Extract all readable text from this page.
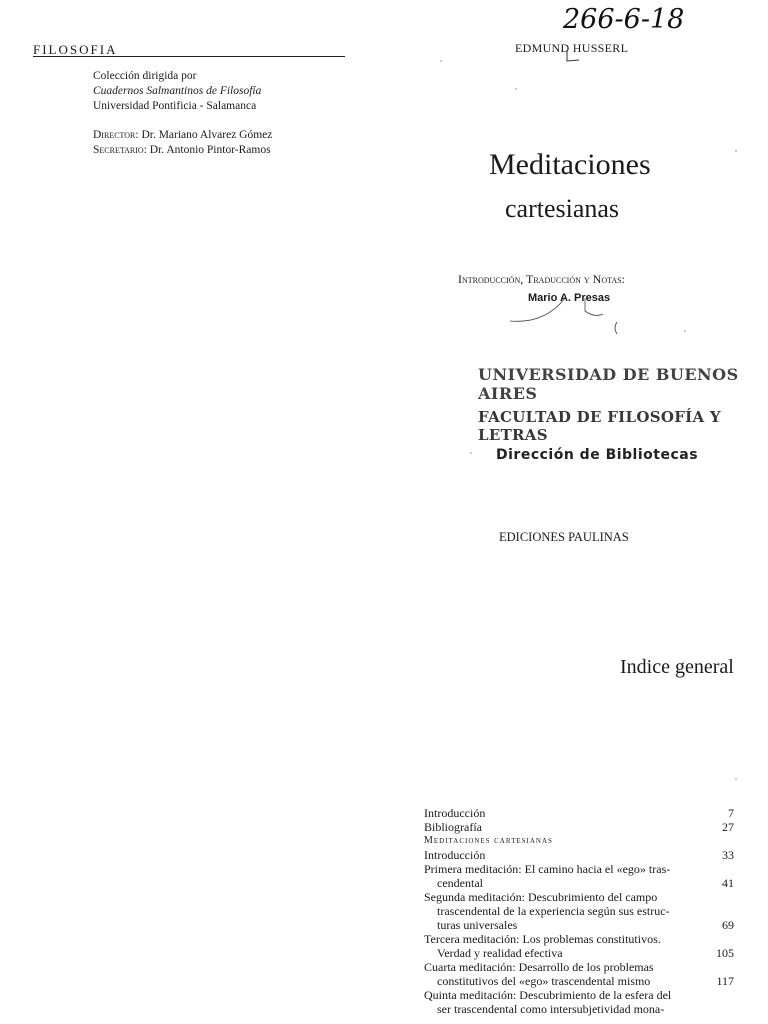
FILOSOFIA
Colección dirigida por
Cuadernos Salmantinos de Filosofía
Universidad Pontificia - Salamanca
Director: Dr. Mariano Alvarez Gómez
Secretario: Dr. Antonio Pintor-Ramos
266-6-18
EDMUND HUSSERL
Meditaciones
cartesianas
Introducción, Traducción y Notas:
Mario A. Presas
UNIVERSIDAD DE BUENOS AIRES
FACULTAD DE FILOSOFÍA Y LETRAS
Dirección de Bibliotecas
EDICIONES PAULINAS
Indice general
Introducción	7
Bibliografía	27
Meditaciones cartesianas
Introducción	33
Primera meditación: El camino hacia el «ego» tras-
cendental	41
Segunda meditación: Descubrimiento del campo
trascendental de la experiencia según sus estruc-
turas universales	69
Tercera meditación: Los problemas constitutivos.
Verdad y realidad efectiva	105
Cuarta meditación: Desarrollo de los problemas
constitutivos del «ego» trascendental mismo	117
Quinta meditación: Descubrimiento de la esfera del
ser trascendental como intersubjetividad mona-
